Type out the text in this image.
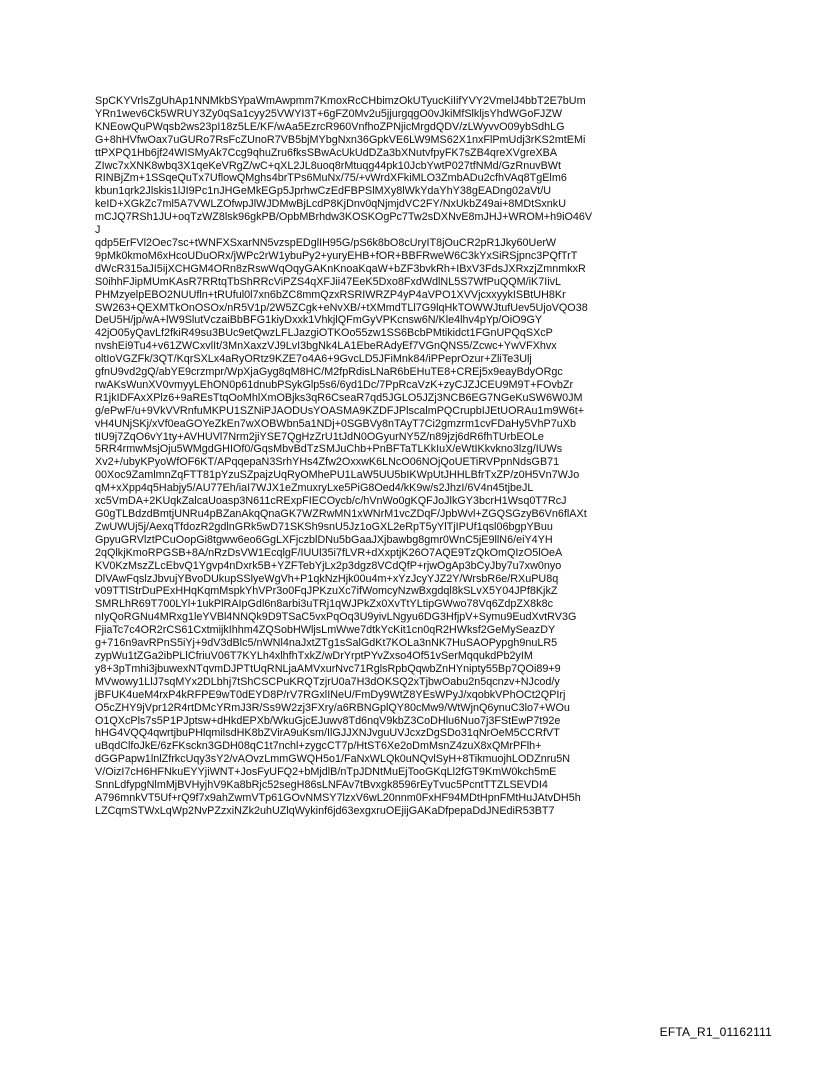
SpCKYVrlsZgUhAp1NNMkbSYpaWmAwpmm7KmoxRcCHbimzOkUTyucKiIifYVY2VmelJ4bbT2E7bUm
YRn1wev6Ck5WRUY3Zy0qSa1cyy25VWYI3T+6gFZ0Mv2u5jjurgqgO0vJkiMfSlkljsYhdWGoFJZW
KNEowQuPWqsb2ws23pI18z5LE/KF/wAa5EzrcR960VnfhoZPNjicMrgdQDV/zLWyvvO09ybSdhLG
G+8hHVfwOax7uGURo7RsFcZUnoR7VB5bjMYbgNxn36GpkVE6LW9MS62X1nxFlPmUdj3rKS2mtEMi
ttPXPQ1Hb6jf24WISMyAk7Ccg9qhuZru6fksSBwAcUkUdDZa3bXNutvfpyFK7sZB4qreXVgreXBA
ZIwc7xXNK8wbq3X1qeKeVRgZ/wC+qXL2JL8uoq8rMtuqg44pk10JcbYwtP027tfNMd/GzRnuvBWt
RINBjZm+1SSqeQuTx7UflowQMghs4brTPs6MuNx/75/+vWrdXFkiMLO3ZmbADu2cfhVAq8TgElm6
kbun1qrk2Jlskis1lJI9Pc1nJHGeMkEGp5JprhwCzEdFBPSlMXy8lWkYdaYhY38gEADng02aVt/U
keID+XGkZc7ml5A7VWLZOfwpJlWJDMwBjLcdP8KjDnv0qNjmjdVC2FY/NxUkbZ49ai+8MDtSxnkU
mCJQ7RSh1JU+oqTzWZ8lsk96gkPB/OpbMBrhdw3KOSKOgPc7Tw2sDXNvE8mJHJ+WROM+h9iO46V
J
qdp5ErFVl2Oec7sc+tWNFXSxarNN5vzspEDglIH95G/pS6k8bO8cUryIT8jOuCR2pR1Jky60UerW
9pMk0kmoM6xHcoUDuORx/jWPc2rW1ybuPy2+yuryEHB+fOR+BBFRweW6C3kYxSiRSjpnc3PQfTrT
dWcR315aJI5ijXCHGM4ORn8zRswWqOqyGAKnKnoaKqaW+bZF3bvkRh+IBxV3FdsJXRxzjZmnmkxR
S0ihhFJipMUmKAsR7RRtqTbShRRcViPZS4qXFJii47EeK5Dxo8FxdWdlNL5S7WfPuQQM/iK7IivL
PHMzyelpEBO2NUUfln+tRUful0l7xn6bZC8mmQzxRSRIWRZP4yP4aVPO1XVVjcxxyykISBtUH8Kr
SW263+QEXMTkOnOSOx/nR5V1p/2W5ZCgk+eNvXB/+tXMmdTLl7G9lqHkTOWWJtufUev5UjoVQO38
DeU5H/jp/wA+lW9SlutVczaiBbBFG1kiyDxxk1VhkjlQFmGyVPKcnsw6N/Kle4lhv4pYp/OiO9GY
42jO05yQavLf2fkiR49su3BUc9etQwzLFLJazgiOTKOo55zw1SS6BcbPMtikidct1FGnUPQqSXcP
nvshEi9Tu4+v61ZWCxvlIt/3MnXaxzVJ9LvI3bgNk4LA1EbeRAdyEf7VGnQNS5/Zcwc+YwVFXhvx
oltIoVGZFk/3QT/KqrSXLx4aRyORtz9KZE7o4A6+9GvcLD5JFiMnk84/iPPeprOzur+ZliTe3Ulj
gfnU9vd2gQ/abYE9crzmpr/WpXjaGyg8qM8HC/M2fpRdisLNaR6bEHuTE8+CREj5x9eayBdyORgc
rwAKsWunXV0vmyyLEhON0p61dnubPSykGlp5s6/6yd1Dc/7PpRcaVzK+zyCJZJCEU9M9T+FOvbZr
R1jkIDFAxXPlz6+9aREsTtqOoMhlXmOBjks3qR6CseaR7qd5JGLO5JZj3NCB6EG7NGeKuSW6W0JM
g/ePwF/u+9VkVVRnfuMKPU1SZNiPJAODUsYOASMA9KZDFJPlscalmPQCrupbIJEtUORAu1m9W6t+
vH4UNjSKj/xVf0eaGOYeZkEn7wXOBWbn5a1NDj+0SGBVy8nTAyT7Ci2gmzrm1cvFDaHy5VhP7uXb
tIU9j7ZqO6vY1ty+AVHUVl7Nrm2jiYSE7QgHzZrU1tJdN0OGyurNY5Z/n89jzj6dR6fhTUrbEOLe
5RR4rmwMsjOju5WMgdGHIOf0/GqsMbvBdTzSMJuChb+PnBFTaTLKkIuX/eWtIKkvkno3lzg/IUWs
Xv2+/ubyKPyoWfOF6KT/APqqepaN3SrhYHs4Zfw2OxxwK6LNcO06NOjQoUETiRVPpnNdsGB71
00Xoc9ZamlmnZqFTT81pYzuSZpajzUqRyOMhePU1LaW5UU5bIKWpUtJHHLBfrTxZP/z0H5Vn7WJo
qM+xXpp4q5Habjy5/AU77Eh/iaI7WJX1eZmuxryLxe5PiG8Oed4/kK9w/s2JhzI/6V4n45tjbeJL
xc5VmDA+2KUqkZalcaUoasp3N611cRExpFIECOycb/c/hVnWo0gKQFJoJlkGY3bcrH1Wsq0T7RcJ
G0gTLBdzdBmtjUNRu4pBZanAkqQnaGK7WZRwMN1xWNrM1vcZDqF/JpbWvl+ZGQSGzyB6Vn6flAXt
ZwUWUj5j/AexqTfdozR2gdlnGRk5wD71SKSh9snU5Jz1oGXL2eRpT5yYlTjIPUf1qsl06bgpYBuu
GpyuGRVlztPCuOopGi8tgww6eo6GgLXFjczblDNu5bGaaJXjbawbg8gmr0WnC5jE9llN6/eiY4YH
2qQlkjKmoRPGSB+8A/nRzDsVW1EcqlgF/IUUl35i7fLVR+dXxptjK26O7AQE9TzQkOmQIzO5lOeA
KV0KzMszZLcEbvQ1Ygvp4nDxrk5B+YZFTebYjLx2p3dgz8VCdQfP+rjwOgAp3bCyJby7u7xw0nyo
DlVAwFqslzJbvujYBvoDUkupSSlyeWgVh+P1qkNzHjk00u4m+xYzJcyYJZ2Y/WrsbR6e/RXuPU8q
v09TTlStrDuPExHHqKqmMspkYhVPr3o0FqJPKzuXc7ifWomcyNzwBxgdql8kSLvX5Y04JPf8KjkZ
SMRLhR69T700LYl+1ukPlRAIpGdl6n8arbi3uTRj1qWJPkZx0XvTtYLtipGWwo78Vq6ZdpZX8k8c
nIyQoRGNu4MRxg1leYVBl4NNQk9D9TSaC5vxPqOq3U9yivLNgyu6DG3HfjpV+Symu9EudXvtRV3G
FjiaTc7c4OR2rCS61CxtmijkIhhm4ZQSobHWljsLmWwe7dtkYcKit1cn0qR2HWksf2GeMySeazDY
g+716n9avRPnS5iYj+9dV3dBlc5/nWNl4naJxtZTg1sSalGdKt7KOLa3nNK7HuSAOPypgh9nuLR5
zypWu1tZGa2ibPLlCfriuV06T7KYLh4xlhfhTxkZ/wDrYrptPYvZxso4Of51vSerMqqukdPb2yIM
y8+3pTmhi3jbuwexNTqvmDJPTtUqRNLjaAMVxurNvc71RglsRpbQqwbZnHYnipty55Bp7QOi89+9
MVwowy1LlJ7sqMYx2DLbhj7tShCSCPuKRQTzjrU0a7H3dOKSQ2xTjbwOabu2n5qcnzv+NJcod/y
jBFUK4ueM4rxP4kRFPE9wT0dEYD8P/rV7RGxlINeU/FmDy9WtZ8YEsWPyJ/xqobkVPhOCt2QPIrj
O5cZHY9jVpr12R4rtDMcYRmJ3R/Ss9W2zj3FXry/a6RBNGplQY80cMw9/WtWjnQ6ynuC3lo7+WOu
O1QXcPls7s5P1PJptsw+dHkdEPXb/WkuGjcEJuwv8Td6nqV9kbZ3CoDHlu6Nuo7j3FStEwP7t92e
hHG4VQQ4qwrtjbuPHlqmilsdHK8bZVirA9uKsm/IlGJJXNJvguUVJcxzDgSDo31qNrOeM5CCRfVT
uBqdClfoJkE/6zFKsckn3GDH08qC1t7nchl+zygcCT7p/HtST6Xe2oDmMsnZ4zuX8xQMrPFlh+
dGGPapw1lnlZfrkcUqy3sY2/vAOvzLmmGWQH5o1/FaNxWLQk0uNQvlSyH+8TikmuojhLODZnru5N
V/OizI7cH6HFNkuEYYjiWNT+JosFyUFQ2+bMjdlB/nTpJDNtMuEjTooGKqLl2fGT9KmW0kch5mE
SnnLdfypgNlmMjBVHyjhV9Ka8bRjc52segH86sLNFAv7tBvxgk8596rEyTvuc5PcntTTZLSEVDI4
A796mnkVT5Uf+rQ9f7x9ahZwmVTp61GOvNMSY7lzxV6wL20nnm0FxHF94MDtHpnFMtHuJAtvDH5h
LZCqmSTWxLqWp2NvPZzxiNZk2uhUZlqWykinf6jd63exgxruOEjijGAKaDfpepaDdJNEdiR53BT7
EFTA_R1_01162111
